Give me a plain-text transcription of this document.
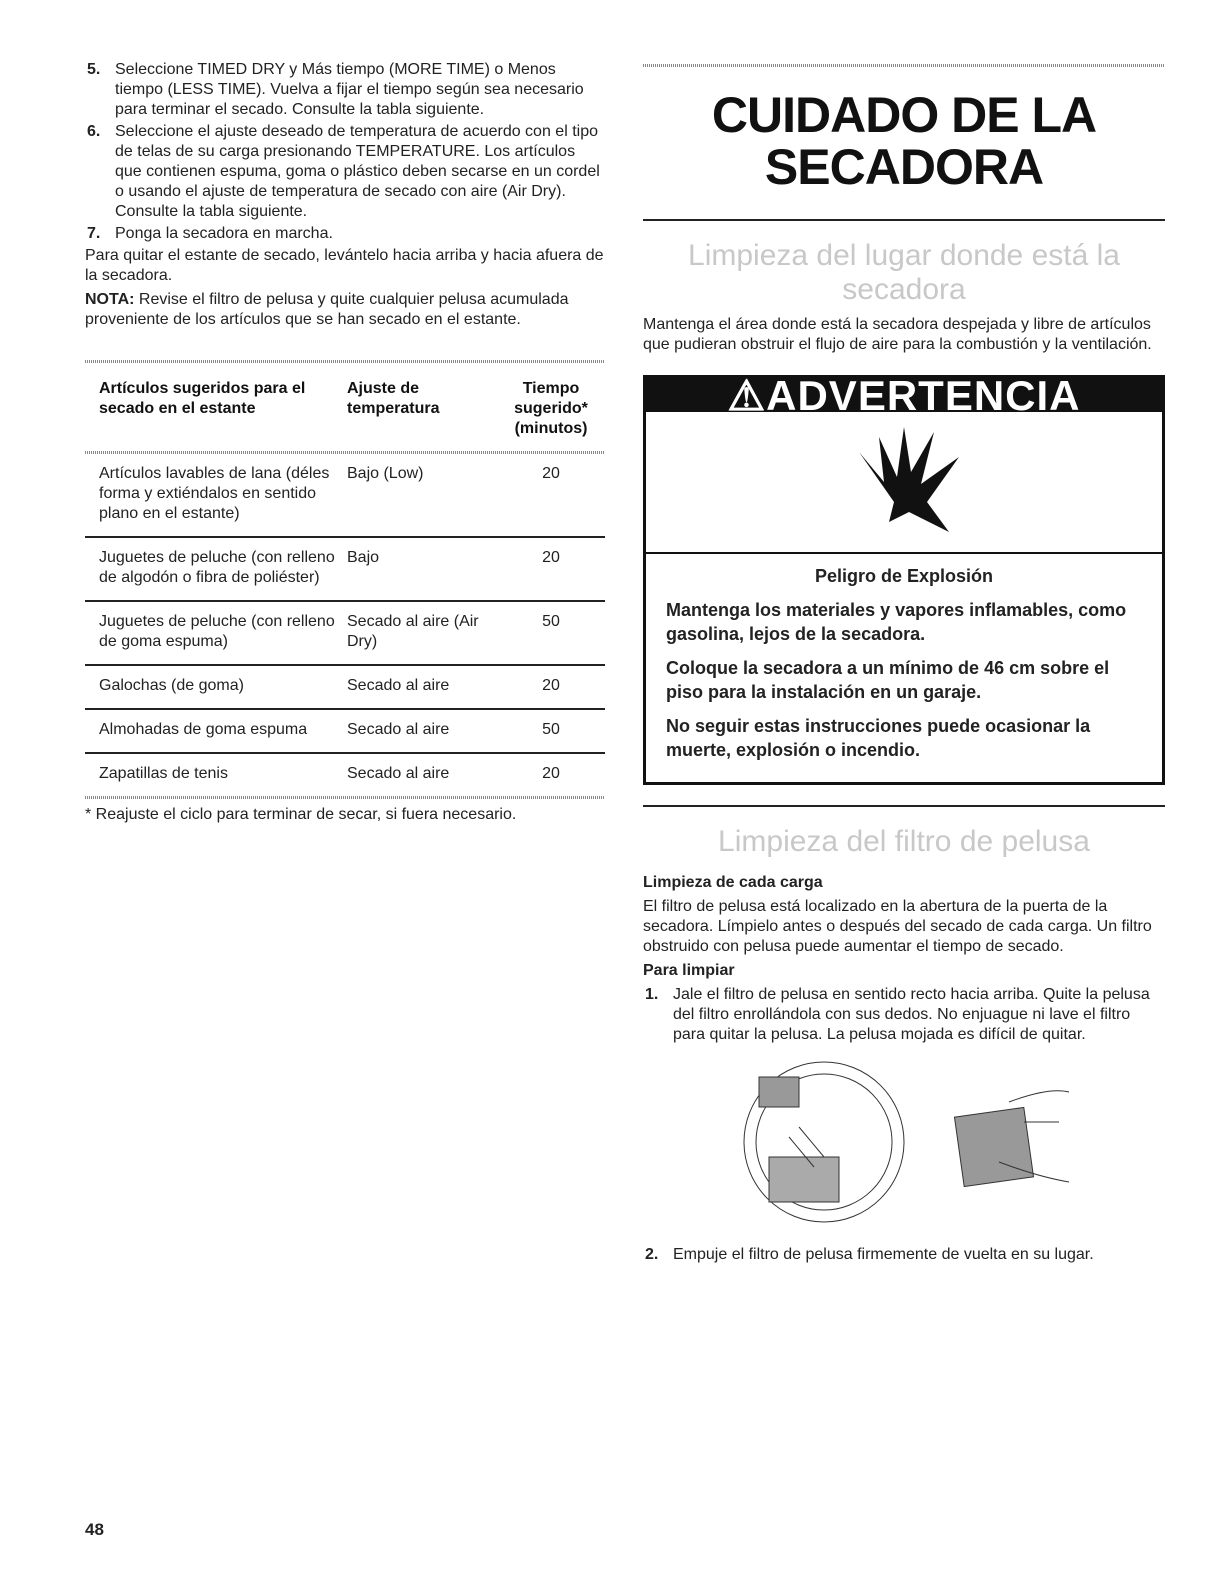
5. Seleccione TIMED DRY y Más tiempo (MORE TIME) o Menos tiempo (LESS TIME). Vuelva a fijar el tiempo según sea necesario para terminar el secado. Consulte la tabla siguiente.
6. Seleccione el ajuste deseado de temperatura de acuerdo con el tipo de telas de su carga presionando TEMPERATURE. Los artículos que contienen espuma, goma o plástico deben secarse en un cordel o usando el ajuste de temperatura de secado con aire (Air Dry). Consulte la tabla siguiente.
7. Ponga la secadora en marcha.

Para quitar el estante de secado, levántelo hacia arriba y hacia afuera de la secadora.

NOTA: Revise el filtro de pelusa y quite cualquier pelusa acumulada proveniente de los artículos que se han secado en el estante.

Artículos sugeridos para el secado en el estante	Ajuste de temperatura	Tiempo sugerido* (minutos)

Artículos lavables de lana (déles forma y extiéndalos en sentido plano en el estante)	Bajo (Low)	20
Juguetes de peluche (con relleno de algodón o fibra de poliéster)	Bajo	20
Juguetes de peluche (con relleno de goma espuma)	Secado al aire (Air Dry)	50
Galochas (de goma)	Secado al aire	20
Almohadas de goma espuma	Secado al aire	50
Zapatillas de tenis	Secado al aire	20

* Reajuste el ciclo para terminar de secar, si fuera necesario.

CUIDADO DE LA SECADORA
Limpieza del lugar donde está la secadora

Mantenga el área donde está la secadora despejada y libre de artículos que pudieran obstruir el flujo de aire para la combustión y la ventilación.

⚠ADVERTENCIA

Peligro de Explosión

Mantenga los materiales y vapores inflamables, como gasolina, lejos de la secadora.

Coloque la secadora a un mínimo de 46 cm sobre el piso para la instalación en un garaje.

No seguir estas instrucciones puede ocasionar la muerte, explosión o incendio.

Limpieza del filtro de pelusa

Limpieza de cada carga

El filtro de pelusa está localizado en la abertura de la puerta de la secadora. Límpielo antes o después del secado de cada carga. Un filtro obstruido con pelusa puede aumentar el tiempo de secado.

Para limpiar

1. Jale el filtro de pelusa en sentido recto hacia arriba. Quite la pelusa del filtro enrollándola con sus dedos. No enjuague ni lave el filtro para quitar la pelusa. La pelusa mojada es difícil de quitar.
2. Empuje el filtro de pelusa firmemente de vuelta en su lugar.
48
